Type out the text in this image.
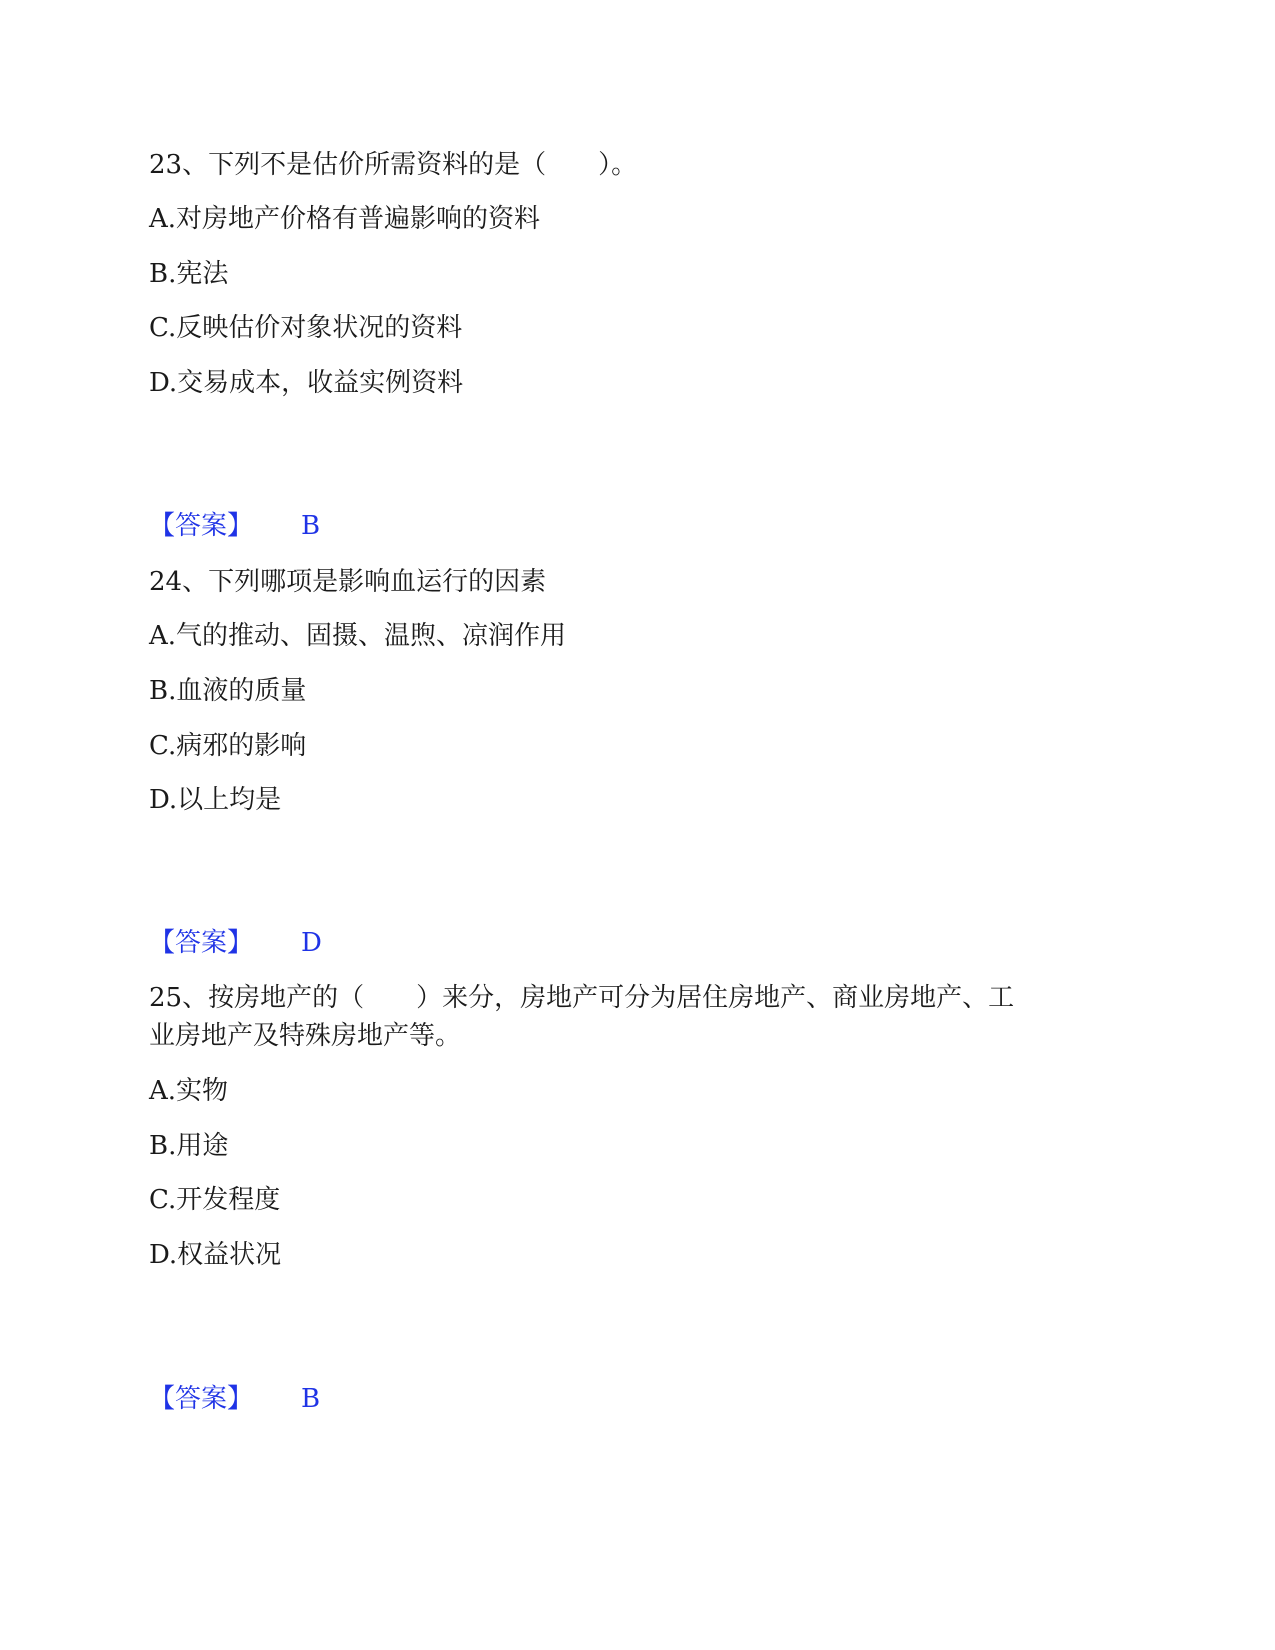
23、下列不是估价所需资料的是（　　）。
A.对房地产价格有普遍影响的资料
B.宪法
C.反映估价对象状况的资料
D.交易成本，收益实例资料
【答案】 B
24、下列哪项是影响血运行的因素
A.气的推动、固摄、温煦、凉润作用
B.血液的质量
C.病邪的影响
D.以上均是
【答案】 D
25、按房地产的（　　）来分，房地产可分为居住房地产、商业房地产、工
业房地产及特殊房地产等。
A.实物
B.用途
C.开发程度
D.权益状况
【答案】 B
